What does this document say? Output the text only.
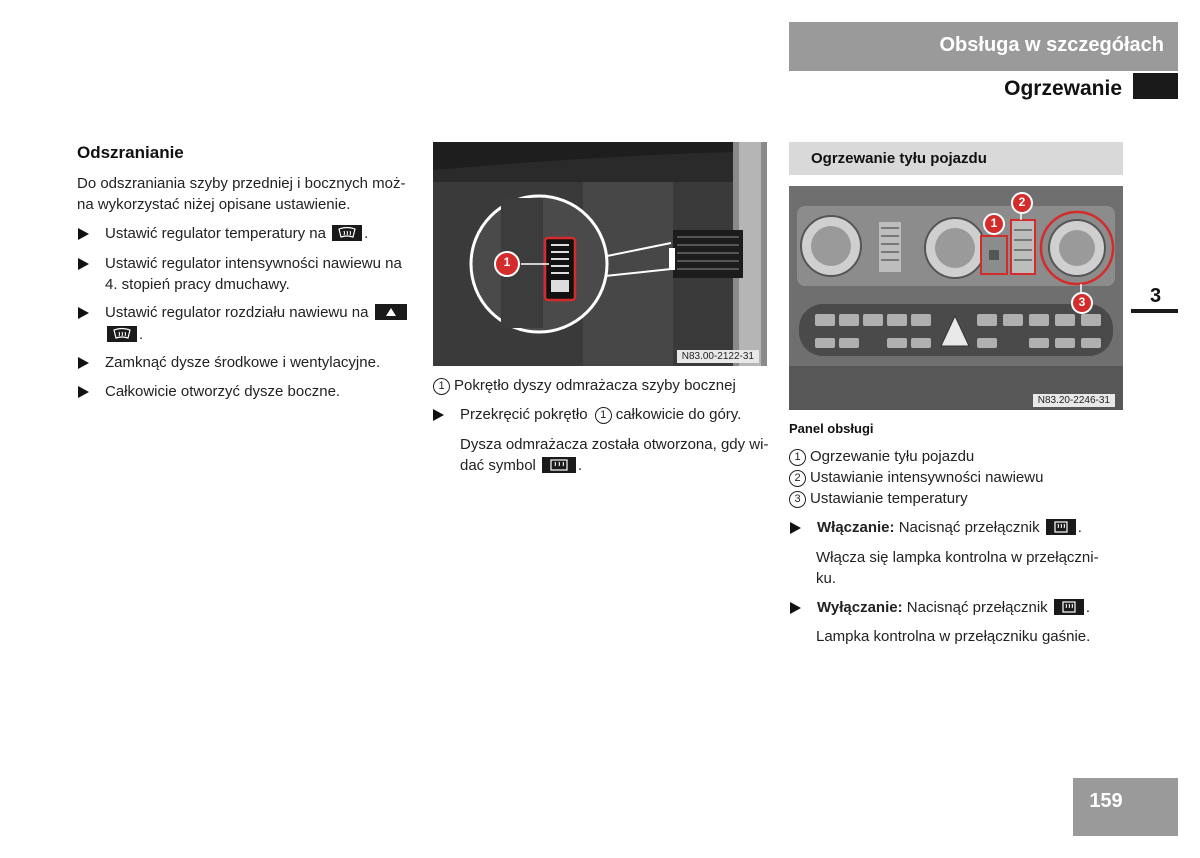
Obsługa w szczegółach
Ogrzewanie
3
159
Odszranianie
Do odszraniania szyby przedniej i bocznych moż-
na wykorzystać niżej opisane ustawienie.
Ustawić regulator temperatury na	.
Ustawić regulator intensywności nawiewu na
4. stopień pracy dmuchawy.
Ustawić regulator rozdziału nawiewu na
.
Zamknąć dysze środkowe i wentylacyjne.
Całkowicie otworzyć dysze boczne.
1
N83.00-2122-31
1 Pokrętło dyszy odmrażacza szyby bocznej
Przekręcić pokrętło 1 całkowicie do góry.
Dysza odmrażacza została otworzona, gdy wi-
dać symbol	.
Ogrzewanie tyłu pojazdu
1
2
3
N83.20-2246-31
Panel obsługi
1 Ogrzewanie tyłu pojazdu
2 Ustawianie intensywności nawiewu
3 Ustawianie temperatury
Włączanie: Nacisnąć przełącznik	.
Włącza się lampka kontrolna w przełączni-
ku.
Wyłączanie: Nacisnąć przełącznik	.
Lampka kontrolna w przełączniku gaśnie.
